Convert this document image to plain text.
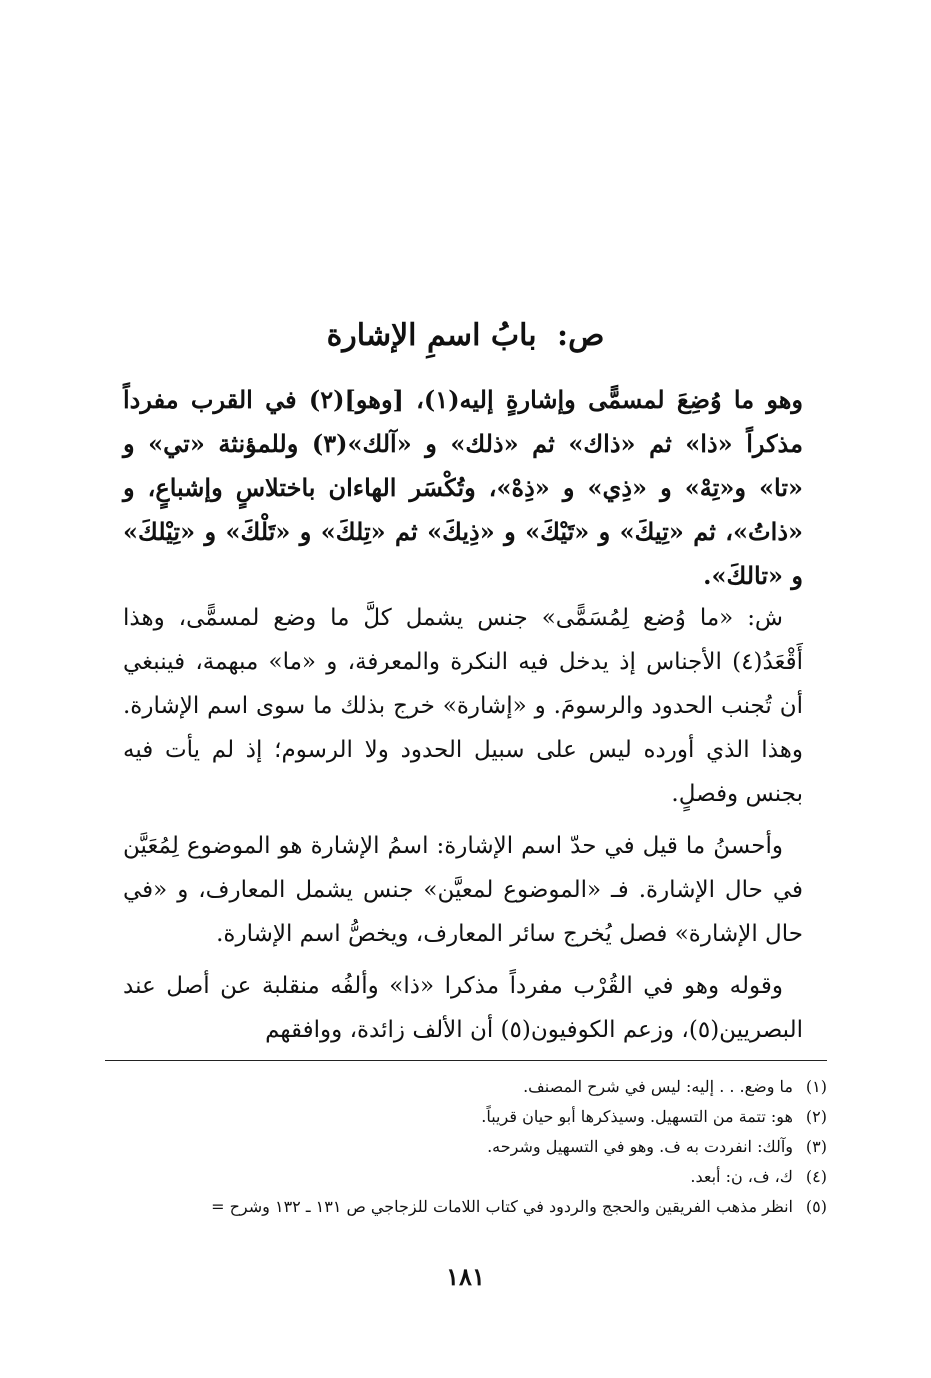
ص: بابُ اسمِ الإشارة
وهو ما وُضِعَ لمسمًّى وإشارةٍ إليه(١)، [وهو](٢) في القرب مفرداً مذكراً «ذا» ثم «ذاك» ثم «ذلك» و «آلك»(٣) وللمؤنثة «تي» و «تا» و«تِهْ» و «ذِي» و «ذِهْ»، وتُكْسَر الهاءان باختلاسٍ وإشباعٍ، و «ذاتُ»، ثم «تِيكَ» و «تَيْكَ» و «ذِيكَ» ثم «تِلكَ» و «تَلْكَ» و «تِيْلكَ» و «تالكَ».

ش: «ما وُضع لِمُسَمًّى» جنس يشمل كلَّ ما وضع لمسمًّى، وهذا أَقْعَدُ(٤) الأجناس إذ يدخل فيه النكرة والمعرفة، و «ما» مبهمة، فينبغي أن تُجنب الحدود والرسومَ. و «إشارة» خرج بذلك ما سوى اسم الإشارة. وهذا الذي أورده ليس على سبيل الحدود ولا الرسوم؛ إذ لم يأت فيه بجنس وفصلٍ.

وأحسنُ ما قيل في حدّ اسم الإشارة: اسمُ الإشارة هو الموضوع لِمُعَيَّن في حال الإشارة. فـ «الموضوع لمعيَّن» جنس يشمل المعارف، و «في حال الإشارة» فصل يُخرج سائر المعارف، ويخصُّ اسم الإشارة.

وقوله وهو في القُرْب مفرداً مذكرا «ذا» وألفُه منقلبة عن أصل عند البصريين(٥)، وزعم الكوفيون(٥) أن الألف زائدة، ووافقهم

(١)ما وضع. . . إليه: ليس في شرح المصنف.
(٢)هو: تتمة من التسهيل. وسيذكرها أبو حيان قريباً.
(٣)وآلك: انفردت به ف. وهو في التسهيل وشرحه.
(٤)ك، ف، ن: أبعد.
(٥)انظر مذهب الفريقين والحجج والردود في كتاب اللامات للزجاجي ص ١٣١ ـ ١٣٢ وشرح =
١٨١
